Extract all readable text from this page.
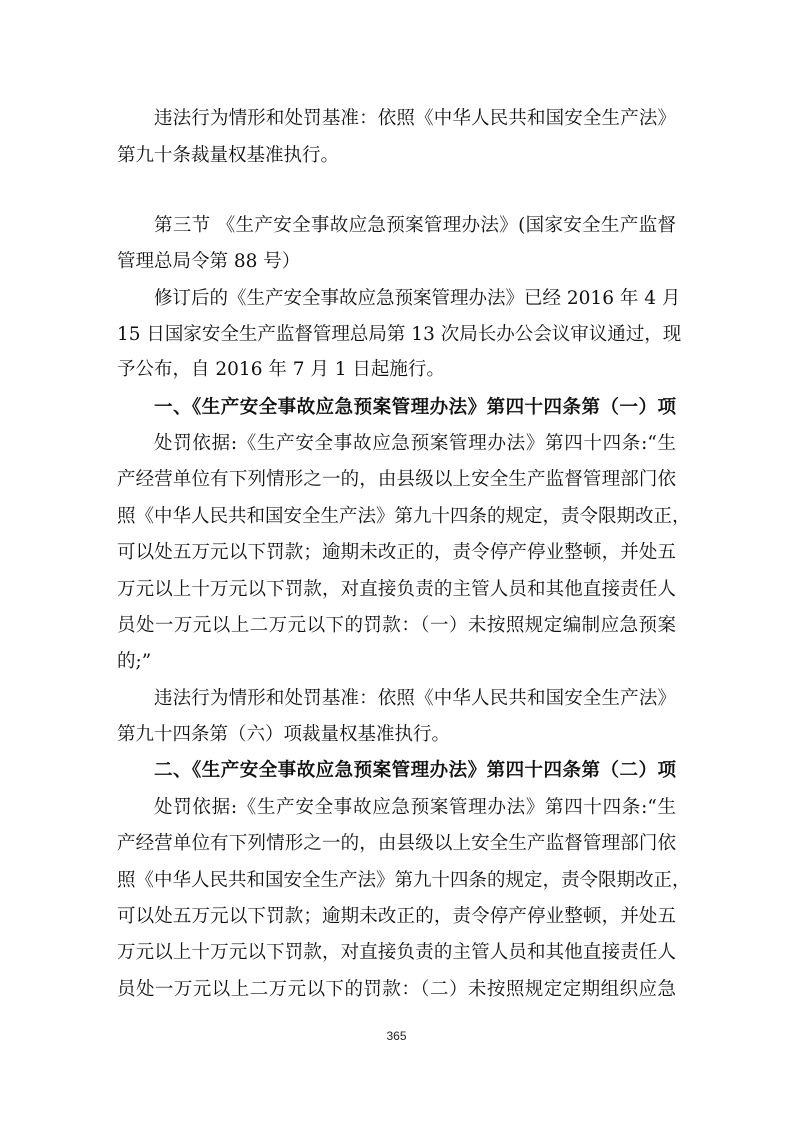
违法行为情形和处罚基准：依照《中华人民共和国安全生产法》
第九十条裁量权基准执行。
第三节 《生产安全事故应急预案管理办法》(国家安全生产监督
管理总局令第 88 号）
修订后的《生产安全事故应急预案管理办法》已经 2016 年 4 月
15 日国家安全生产监督管理总局第 13 次局长办公会议审议通过，现
予公布，自 2016 年 7 月 1 日起施行。
一、《生产安全事故应急预案管理办法》第四十四条第（一）项
处罚依据:《生产安全事故应急预案管理办法》第四十四条:“生
产经营单位有下列情形之一的，由县级以上安全生产监督管理部门依
照《中华人民共和国安全生产法》第九十四条的规定，责令限期改正，
可以处五万元以下罚款；逾期未改正的，责令停产停业整顿，并处五
万元以上十万元以下罚款，对直接负责的主管人员和其他直接责任人
员处一万元以上二万元以下的罚款：（一）未按照规定编制应急预案
的;”
违法行为情形和处罚基准：依照《中华人民共和国安全生产法》
第九十四条第（六）项裁量权基准执行。
二、《生产安全事故应急预案管理办法》第四十四条第（二）项
处罚依据:《生产安全事故应急预案管理办法》第四十四条:“生
产经营单位有下列情形之一的，由县级以上安全生产监督管理部门依
照《中华人民共和国安全生产法》第九十四条的规定，责令限期改正，
可以处五万元以下罚款；逾期未改正的，责令停产停业整顿，并处五
万元以上十万元以下罚款，对直接负责的主管人员和其他直接责任人
员处一万元以上二万元以下的罚款：（二）未按照规定定期组织应急
365
